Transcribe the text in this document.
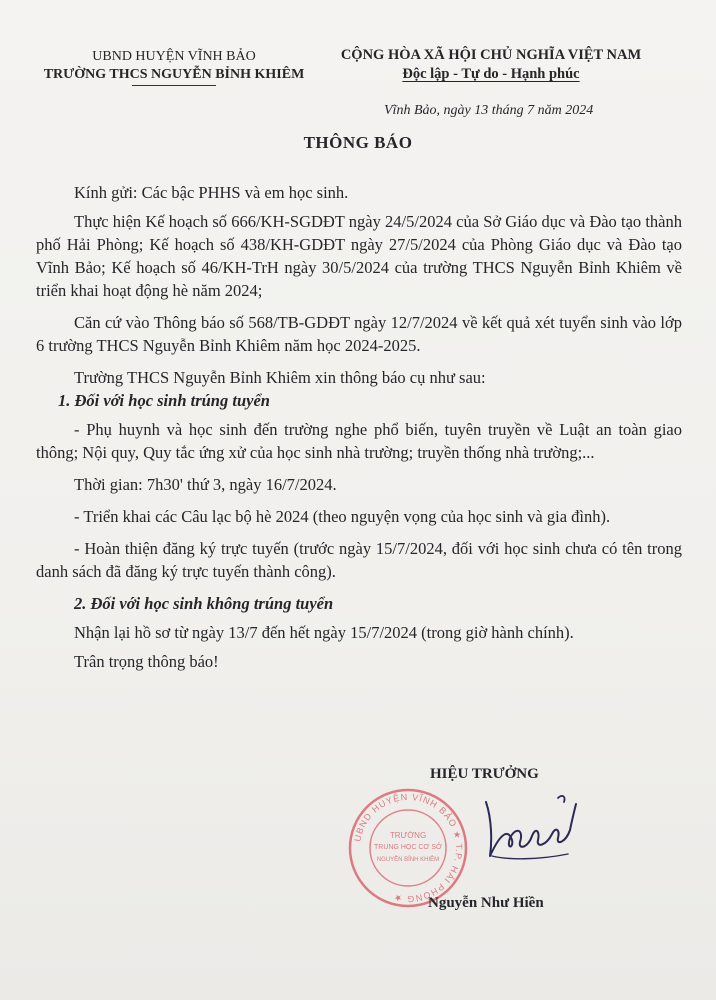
UBND HUYỆN VĨNH BẢO
TRƯỜNG THCS NGUYỄN BỈNH KHIÊM
CỘNG HÒA XÃ HỘI CHỦ NGHĨA VIỆT NAM
Độc lập - Tự do - Hạnh phúc
Vĩnh Bảo, ngày 13 tháng 7 năm 2024
THÔNG BÁO

Kính gửi: Các bậc PHHS và em học sinh.

Thực hiện Kế hoạch số 666/KH-SGDĐT ngày 24/5/2024 của Sở Giáo dục và Đào tạo thành phố Hải Phòng; Kế hoạch số 438/KH-GDĐT ngày 27/5/2024 của Phòng Giáo dục và Đào tạo Vĩnh Bảo; Kế hoạch số 46/KH-TrH ngày 30/5/2024 của trường THCS Nguyễn Bỉnh Khiêm về triển khai hoạt động hè năm 2024;

Căn cứ vào Thông báo số 568/TB-GDĐT ngày 12/7/2024 về kết quả xét tuyển sinh vào lớp 6 trường THCS Nguyễn Bỉnh Khiêm năm học 2024-2025.

Trường THCS Nguyễn Bỉnh Khiêm xin thông báo cụ như sau:

1. Đối với học sinh trúng tuyển

- Phụ huynh và học sinh đến trường nghe phổ biến, tuyên truyền về Luật an toàn giao thông; Nội quy, Quy tắc ứng xử của học sinh nhà trường; truyền thống nhà trường;...

Thời gian: 7h30' thứ 3, ngày 16/7/2024.

- Triển khai các Câu lạc bộ hè 2024 (theo nguyện vọng của học sinh và gia đình).

- Hoàn thiện đăng ký trực tuyến (trước ngày 15/7/2024, đối với học sinh chưa có tên trong danh sách đã đăng ký trực tuyến thành công).

2. Đối với học sinh không trúng tuyển

Nhận lại hồ sơ từ ngày 13/7 đến hết ngày 15/7/2024 (trong giờ hành chính).

Trân trọng thông báo!

HIỆU TRƯỞNG
UBND HUYỆN VĨNH BẢO ★ T.P. HẢI PHÒNG ★
TRƯỜNG
TRUNG HỌC CƠ SỞ
NGUYỄN BỈNH KHIÊM
Nguyễn Như Hiền
